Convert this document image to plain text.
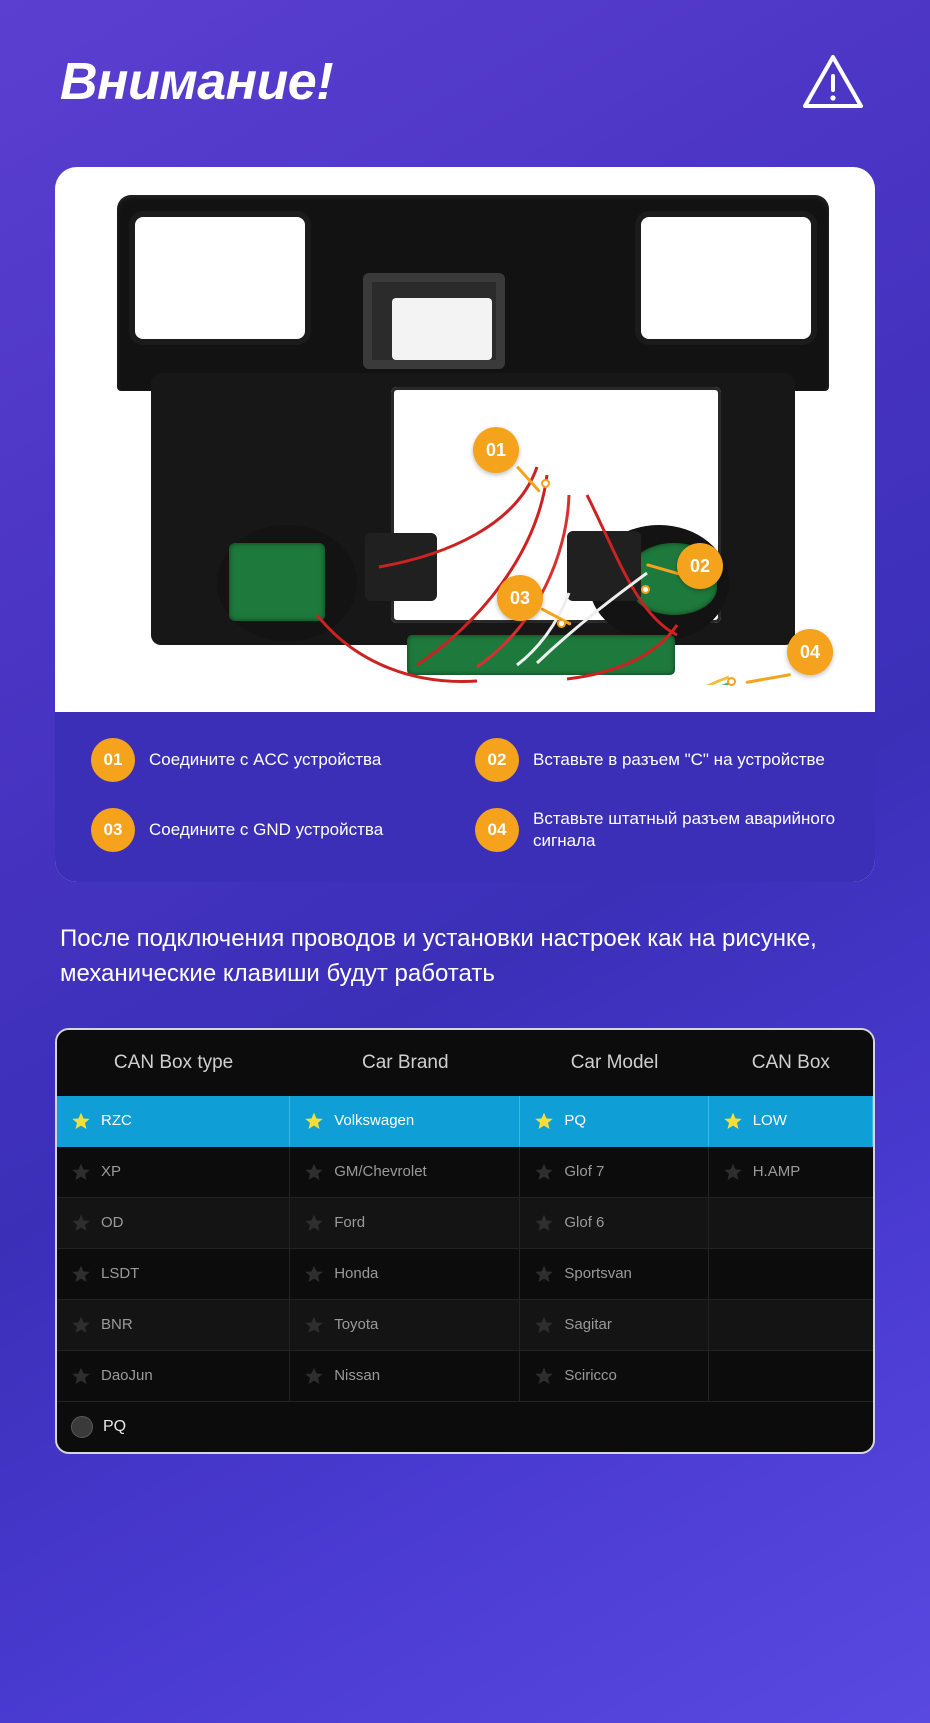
Внимание!
01
02
03
04
01	Соедините с ACC устройства	02	Вставьте в разъем "C" на устройстве
03	Соедините с GND устройства	04
Вставьте штатный разъем аварийного сигнала
После подключения проводов и установки настроек как на рисунке, механические клавиши будут работать
CAN Box type	Car Brand	Car Model	CAN Box

RZC	Volkswagen	PQ	LOW

XP	GM/Chevrolet	Glof 7	H.AMP

OD	Ford	Glof 6	

LSDT	Honda	Sportsvan	

BNR	Toyota	Sagitar	

DaoJun	Nissan	Sciricco	

PQ			
